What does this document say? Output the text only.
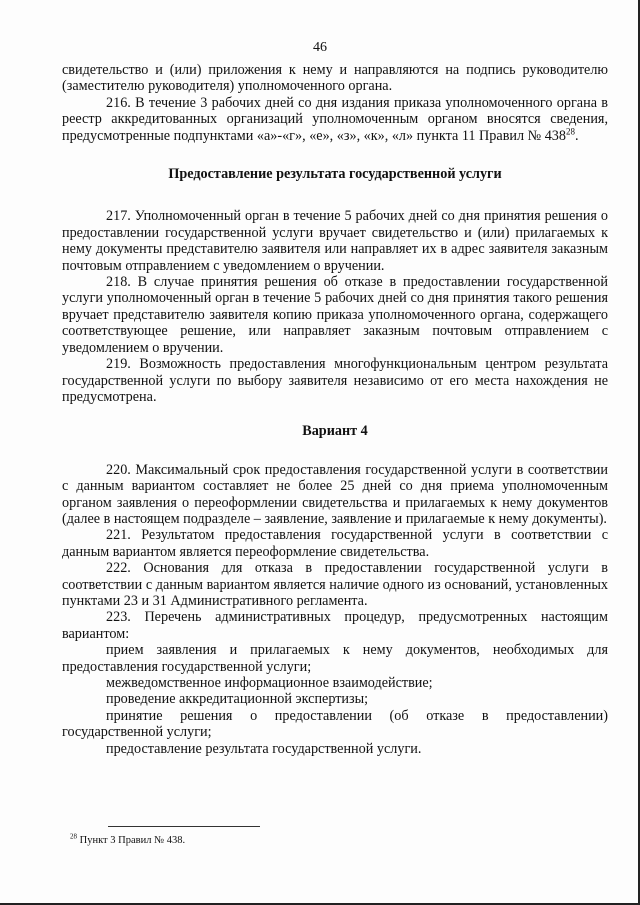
46

свидетельство и (или) приложения к нему и направляются на подпись руководителю (заместителю руководителя) уполномоченного органа.

216. В течение 3 рабочих дней со дня издания приказа уполномоченного органа в реестр аккредитованных организаций уполномоченным органом вносятся сведения, предусмотренные подпунктами «а»-«г», «е», «з», «к», «л» пункта 11 Правил № $438^{28}$.

Предоставление результата государственной услуги

217. Уполномоченный орган в течение 5 рабочих дней со дня принятия решения о предоставлении государственной услуги вручает свидетельство и (или) прилагаемых к нему документы представителю заявителя или направляет их в адрес заявителя заказным почтовым отправлением с уведомлением о вручении.

218. В случае принятия решения об отказе в предоставлении государственной услуги уполномоченный орган в течение 5 рабочих дней со дня принятия такого решения вручает представителю заявителя копию приказа уполномоченного органа, содержащего соответствующее решение, или направляет заказным почтовым отправлением с уведомлением о вручении.

219. Возможность предоставления многофункциональным центром результата государственной услуги по выбору заявителя независимо от его места нахождения не предусмотрена.

Вариант 4

220. Максимальный срок предоставления государственной услуги в соответствии с данным вариантом составляет не более 25 дней со дня приема уполномоченным органом заявления о переоформлении свидетельства и прилагаемых к нему документов (далее в настоящем подразделе – заявление, заявление и прилагаемые к нему документы).

221. Результатом предоставления государственной услуги в соответствии с данным вариантом является переоформление свидетельства.

222. Основания для отказа в предоставлении государственной услуги в соответствии с данным вариантом является наличие одного из оснований, установленных пунктами 23 и 31 Административного регламента.

223. Перечень административных процедур, предусмотренных настоящим вариантом:

прием заявления и прилагаемых к нему документов, необходимых для предоставления государственной услуги;

межведомственное информационное взаимодействие;

проведение аккредитационной экспертизы;

принятие решения о предоставлении (об отказе в предоставлении) государственной услуги;

предоставление результата государственной услуги.

$^{28}$ Пункт 3 Правил № 438.
